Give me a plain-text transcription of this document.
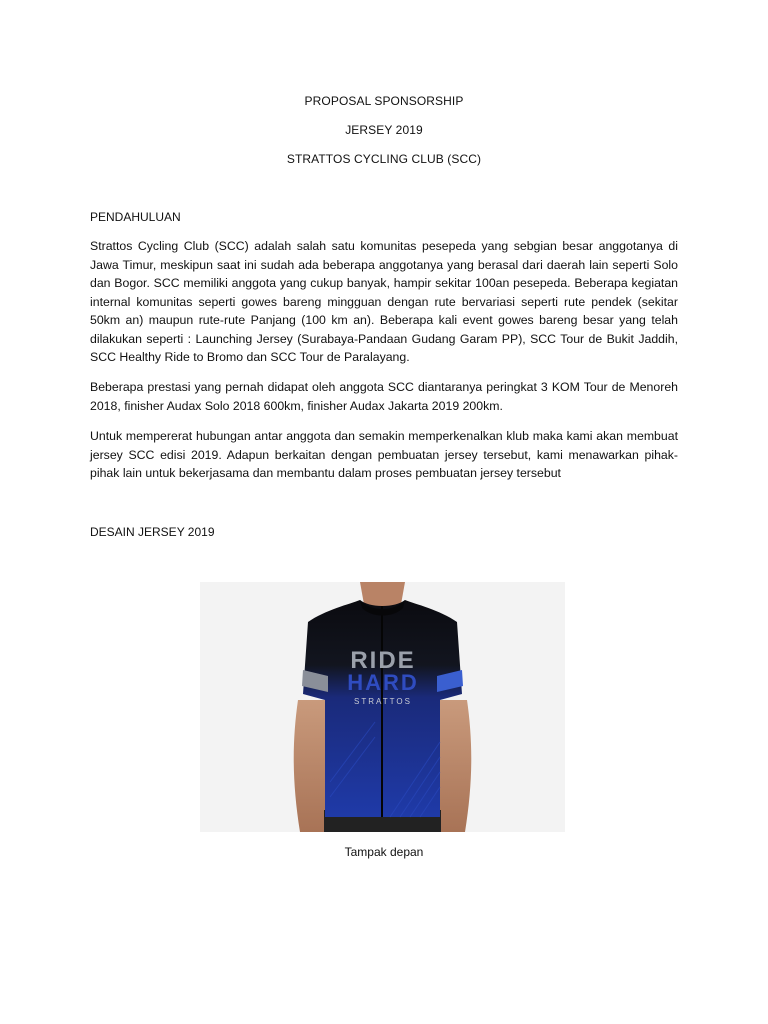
PROPOSAL SPONSORSHIP
JERSEY 2019
STRATTOS CYCLING CLUB (SCC)
PENDAHULUAN

Strattos Cycling Club (SCC) adalah salah satu komunitas pesepeda yang sebgian besar anggotanya di Jawa Timur, meskipun saat ini sudah ada beberapa anggotanya yang berasal dari daerah lain seperti Solo dan Bogor. SCC memiliki anggota yang cukup banyak, hampir sekitar 100an pesepeda. Beberapa kegiatan internal komunitas seperti gowes bareng mingguan dengan rute bervariasi seperti rute pendek (sekitar 50km an) maupun rute-rute Panjang (100 km an). Beberapa kali event gowes bareng besar yang telah dilakukan seperti : Launching Jersey (Surabaya-Pandaan Gudang Garam PP), SCC Tour de Bukit Jaddih, SCC Healthy Ride to Bromo dan SCC Tour de Paralayang.

Beberapa prestasi yang pernah didapat oleh anggota SCC diantaranya peringkat 3 KOM Tour de Menoreh 2018, finisher Audax Solo 2018 600km, finisher Audax Jakarta 2019 200km.

Untuk mempererat hubungan antar anggota dan semakin memperkenalkan klub maka kami akan membuat jersey SCC edisi 2019. Adapun berkaitan dengan pembuatan jersey tersebut, kami menawarkan pihak-pihak lain untuk bekerjasama dan membantu dalam proses pembuatan jersey tersebut

DESAIN JERSEY 2019
RIDE
HARD
STRATTOS
Tampak depan
